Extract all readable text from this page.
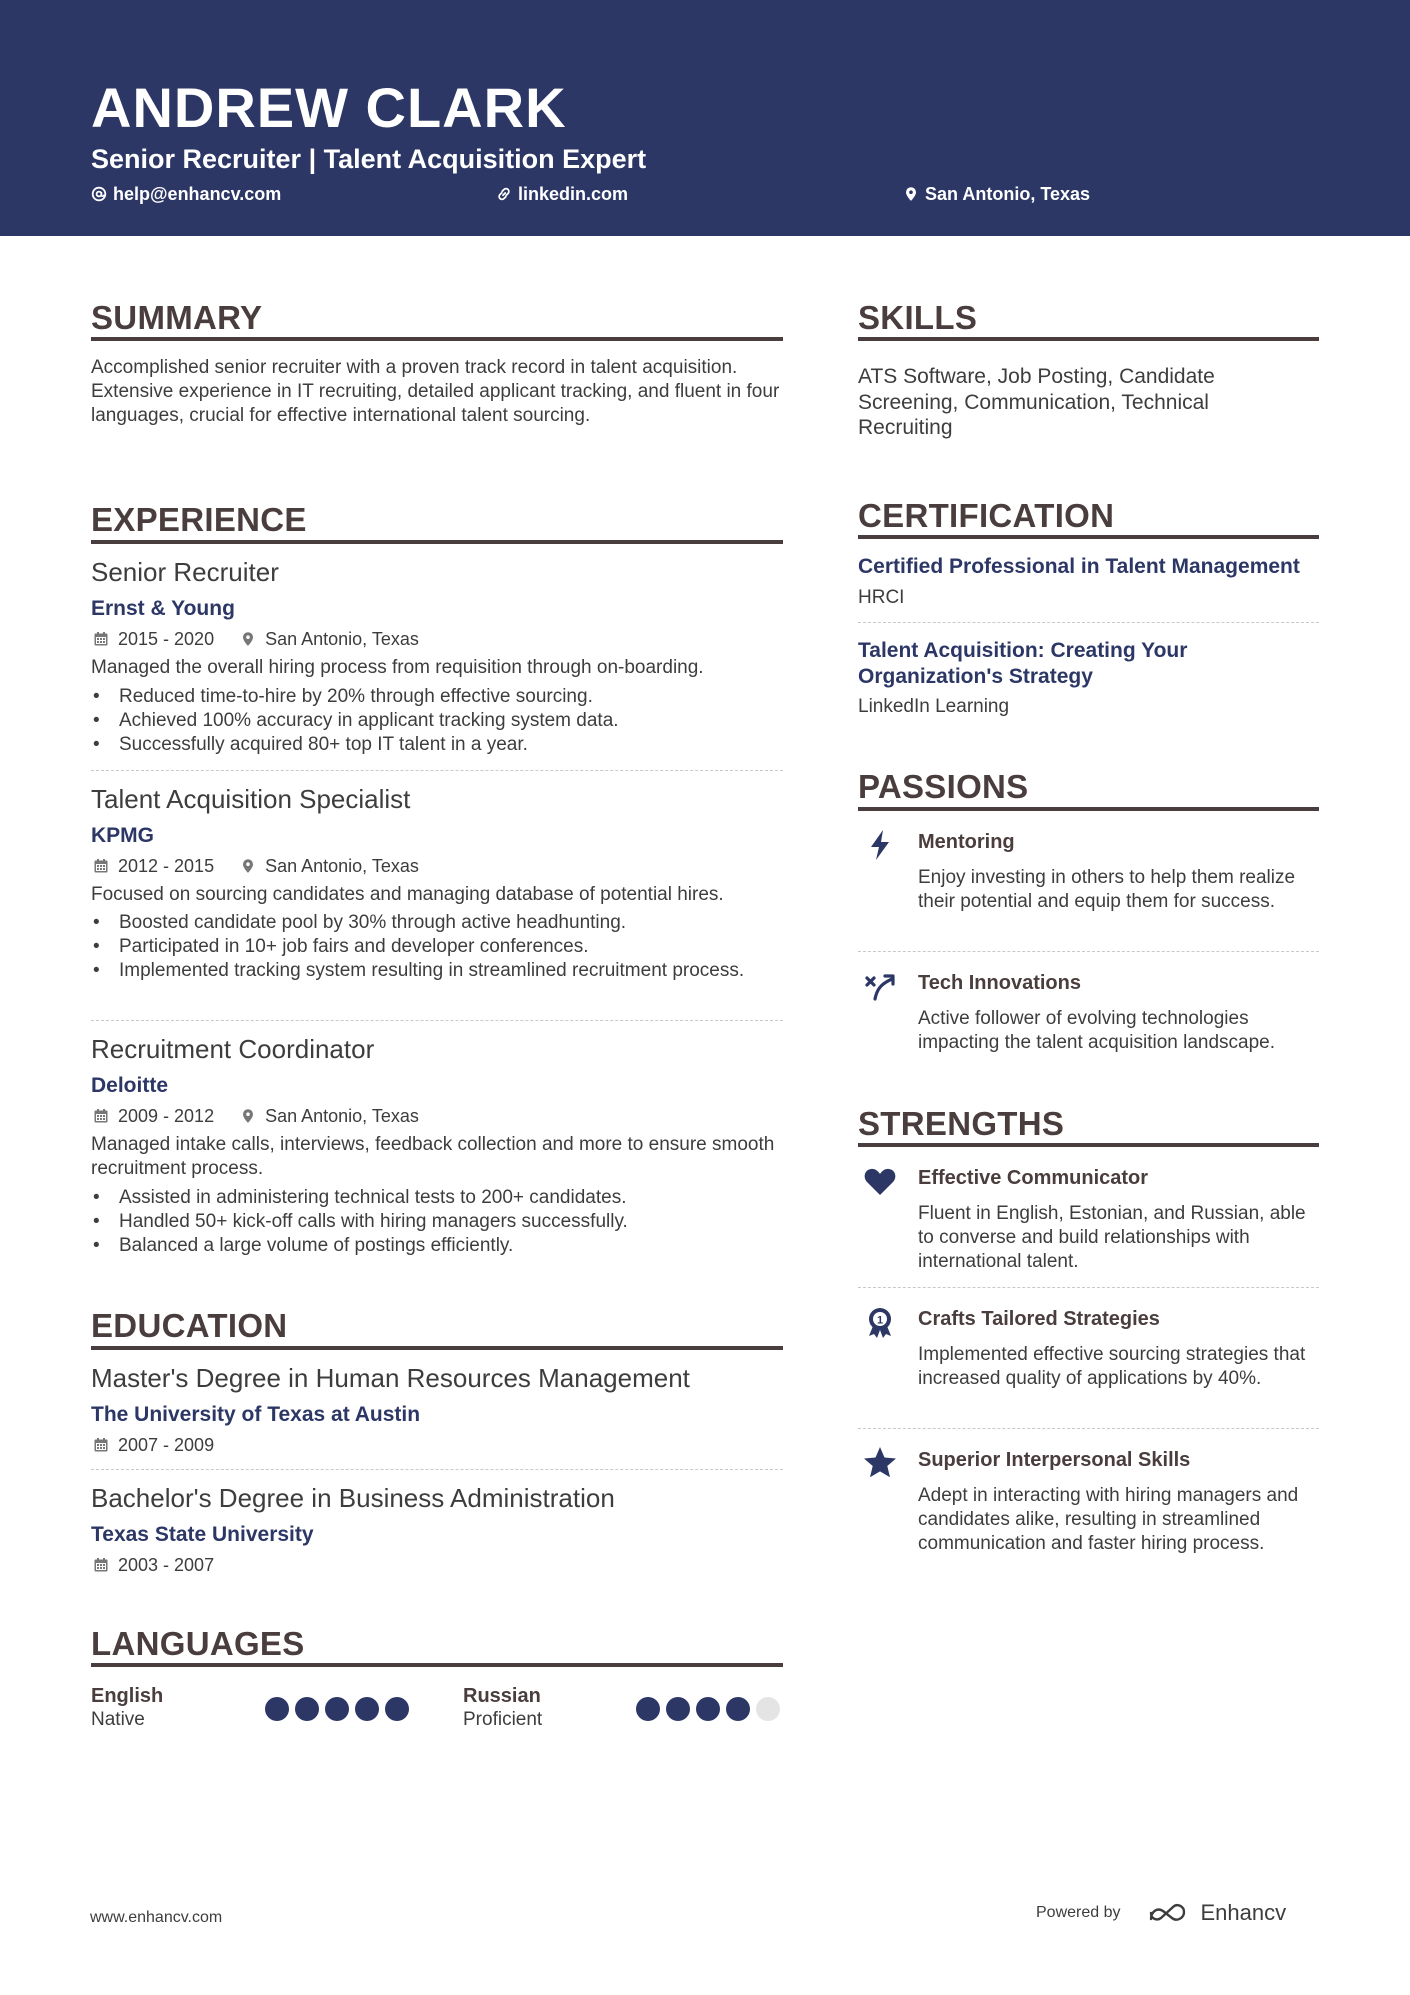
ANDREW CLARK
Senior Recruiter | Talent Acquisition Expert
help@enhancv.com	linkedin.com	San Antonio, Texas
SUMMARY
Accomplished senior recruiter with a proven track record in talent acquisition. Extensive experience in IT recruiting, detailed applicant tracking, and fluent in four languages, crucial for effective international talent sourcing.
EXPERIENCE
Senior Recruiter
Ernst & Young
2015 - 2020	San Antonio, Texas
Managed the overall hiring process from requisition through on-boarding.
• Reduced time-to-hire by 20% through effective sourcing.
• Achieved 100% accuracy in applicant tracking system data.
• Successfully acquired 80+ top IT talent in a year.
Talent Acquisition Specialist
KPMG
2012 - 2015	San Antonio, Texas
Focused on sourcing candidates and managing database of potential hires.
• Boosted candidate pool by 30% through active headhunting.
• Participated in 10+ job fairs and developer conferences.
• Implemented tracking system resulting in streamlined recruitment process.
Recruitment Coordinator
Deloitte
2009 - 2012	San Antonio, Texas
Managed intake calls, interviews, feedback collection and more to ensure smooth recruitment process.
• Assisted in administering technical tests to 200+ candidates.
• Handled 50+ kick-off calls with hiring managers successfully.
• Balanced a large volume of postings efficiently.
EDUCATION
Master's Degree in Human Resources Management
The University of Texas at Austin
2007 - 2009
Bachelor's Degree in Business Administration
Texas State University
2003 - 2007
LANGUAGES
English
Native
Russian
Proficient
SKILLS
ATS Software, Job Posting, Candidate Screening, Communication, Technical Recruiting
CERTIFICATION
Certified Professional in Talent Management
HRCI
Talent Acquisition: Creating Your Organization's Strategy
LinkedIn Learning
PASSIONS
Mentoring
Enjoy investing in others to help them realize their potential and equip them for success.
Tech Innovations
Active follower of evolving technologies impacting the talent acquisition landscape.
STRENGTHS
Effective Communicator
Fluent in English, Estonian, and Russian, able to converse and build relationships with international talent.
1 Crafts Tailored Strategies
Implemented effective sourcing strategies that increased quality of applications by 40%.
Superior Interpersonal Skills
Adept in interacting with hiring managers and candidates alike, resulting in streamlined communication and faster hiring process.
www.enhancv.com	Powered by	Enhancv
